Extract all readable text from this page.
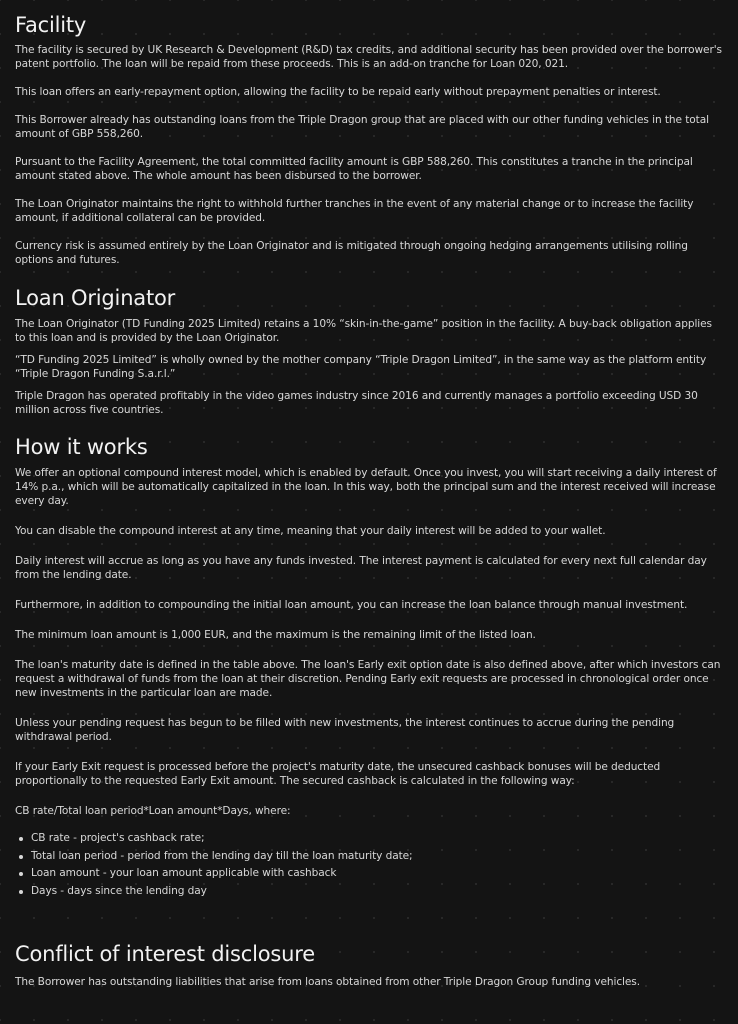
Facility

The facility is secured by UK Research & Development (R&D) tax credits, and additional security has been provided over the borrower's patent portfolio. The loan will be repaid from these proceeds. This is an add-on tranche for Loan 020, 021.

This loan offers an early-repayment option, allowing the facility to be repaid early without prepayment penalties or interest.

This Borrower already has outstanding loans from the Triple Dragon group that are placed with our other funding vehicles in the total amount of GBP 558,260.

Pursuant to the Facility Agreement, the total committed facility amount is GBP 588,260. This constitutes a tranche in the principal amount stated above. The whole amount has been disbursed to the borrower.

The Loan Originator maintains the right to withhold further tranches in the event of any material change or to increase the facility amount, if additional collateral can be provided.

Currency risk is assumed entirely by the Loan Originator and is mitigated through ongoing hedging arrangements utilising rolling options and futures.

Loan Originator

The Loan Originator (TD Funding 2025 Limited) retains a 10% “skin-in-the-game” position in the facility. A buy-back obligation applies to this loan and is provided by the Loan Originator.

“TD Funding 2025 Limited” is wholly owned by the mother company “Triple Dragon Limited”, in the same way as the platform entity “Triple Dragon Funding S.a.r.l.”

Triple Dragon has operated profitably in the video games industry since 2016 and currently manages a portfolio exceeding USD 30 million across five countries.

How it works

We offer an optional compound interest model, which is enabled by default. Once you invest, you will start receiving a daily interest of 14% p.a., which will be automatically capitalized in the loan. In this way, both the principal sum and the interest received will increase every day.

You can disable the compound interest at any time, meaning that your daily interest will be added to your wallet.

Daily interest will accrue as long as you have any funds invested. The interest payment is calculated for every next full calendar day from the lending date.

Furthermore, in addition to compounding the initial loan amount, you can increase the loan balance through manual investment.

The minimum loan amount is 1,000 EUR, and the maximum is the remaining limit of the listed loan.

The loan's maturity date is defined in the table above. The loan's Early exit option date is also defined above, after which investors can request a withdrawal of funds from the loan at their discretion. Pending Early exit requests are processed in chronological order once new investments in the particular loan are made.

Unless your pending request has begun to be filled with new investments, the interest continues to accrue during the pending withdrawal period.

If your Early Exit request is processed before the project's maturity date, the unsecured cashback bonuses will be deducted proportionally to the requested Early Exit amount. The secured cashback is calculated in the following way:

CB rate/Total loan period*Loan amount*Days, where:

CB rate - project's cashback rate;
Total loan period - period from the lending day till the loan maturity date;
Loan amount - your loan amount applicable with cashback
Days - days since the lending day
Conflict of interest disclosure

The Borrower has outstanding liabilities that arise from loans obtained from other Triple Dragon Group funding vehicles.
